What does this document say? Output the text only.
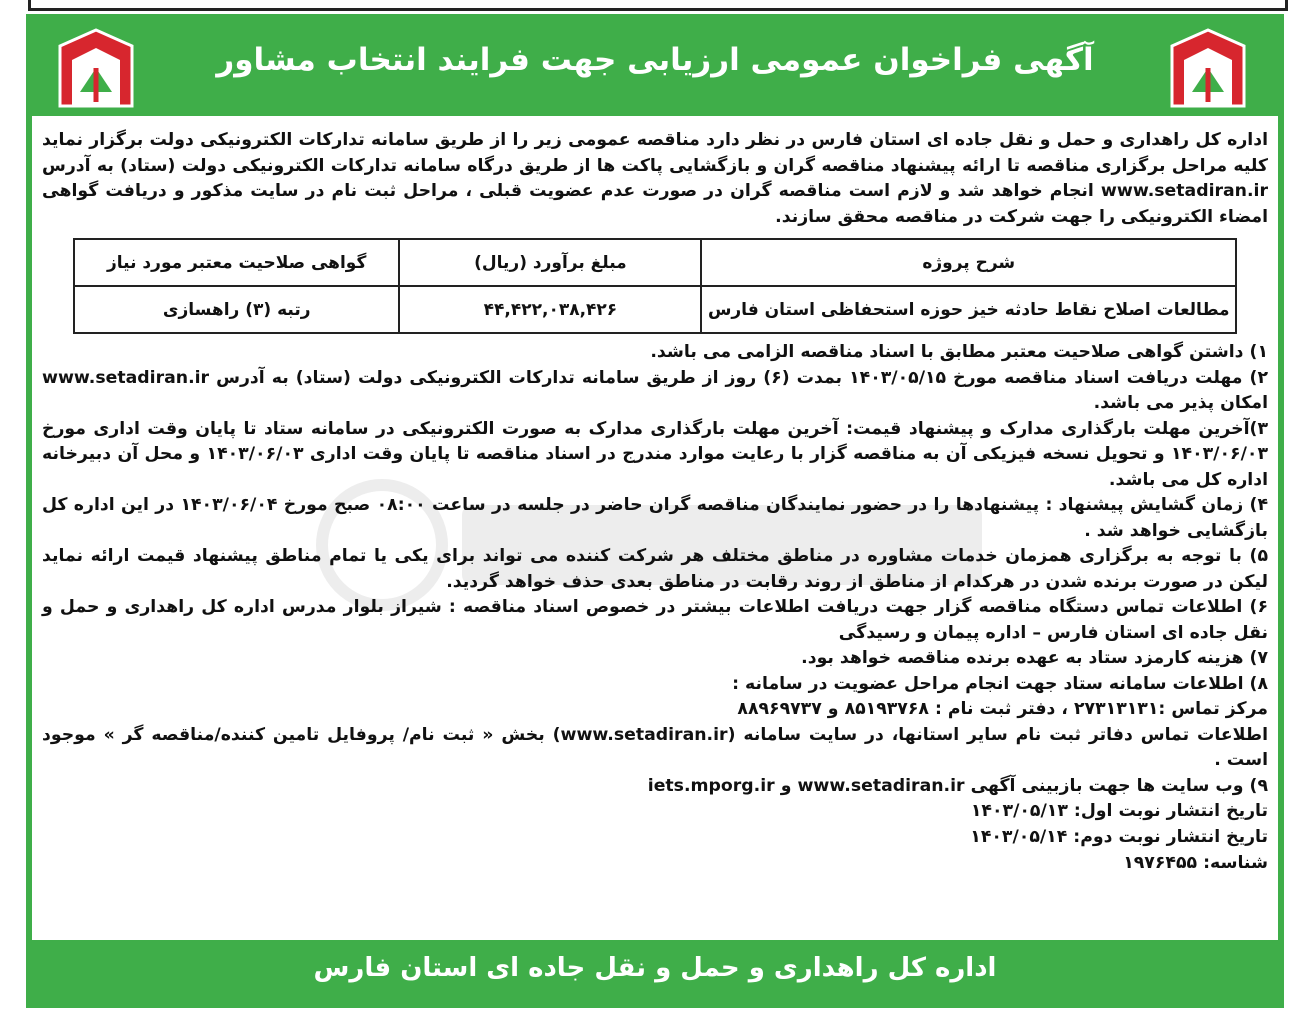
آگهی فراخوان عمومی ارزیابی جهت فرایند انتخاب مشاور

اداره کل راهداری و حمل و نقل جاده ای استان فارس در نظر دارد مناقصه عمومی زیر را از طریق سامانه تدارکات الکترونیکی دولت برگزار نماید کلیه مراحل برگزاری مناقصه تا ارائه پیشنهاد مناقصه گران و بازگشایی پاکت ها از طریق درگاه سامانه تدارکات الکترونیکی دولت (ستاد) به آدرس www.setadiran.ir انجام خواهد شد و لازم است مناقصه گران در صورت عدم عضویت قبلی ، مراحل ثبت نام در سایت مذکور و دریافت گواهی امضاء الکترونیکی را جهت شرکت در مناقصه محقق سازند.

شرح پروژه	مبلغ برآورد (ریال)	گواهی صلاحیت معتبر مورد نیاز
مطالعات اصلاح نقاط حادثه خیز حوزه استحفاظی استان فارس	۴۴,۴۲۲,۰۳۸,۴۲۶	رتبه (۳) راهسازی

۱) داشتن گواهی صلاحیت معتبر مطابق با اسناد مناقصه الزامی می باشد.

۲) مهلت دریافت اسناد مناقصه مورخ ۱۴۰۳/۰۵/۱۵ بمدت (۶) روز از طریق سامانه تدارکات الکترونیکی دولت (ستاد) به آدرس www.setadiran.ir امکان پذیر می باشد.

۳)آخرین مهلت بارگذاری مدارک و پیشنهاد قیمت: آخرین مهلت بارگذاری مدارک به صورت الکترونیکی در سامانه ستاد تا پایان وقت اداری مورخ ۱۴۰۳/۰۶/۰۳ و تحویل نسخه فیزیکی آن به مناقصه گزار با رعایت موارد مندرج در اسناد مناقصه تا پایان وقت اداری ۱۴۰۳/۰۶/۰۳ و محل آن دبیرخانه اداره کل می باشد.

۴) زمان گشایش پیشنهاد : پیشنهادها را در حضور نمایندگان مناقصه گران حاضر در جلسه در ساعت ۰۸:۰۰ صبح مورخ ۱۴۰۳/۰۶/۰۴ در این اداره کل بازگشایی خواهد شد .

۵) با توجه به برگزاری همزمان خدمات مشاوره در مناطق مختلف هر شرکت کننده می تواند برای یکی یا تمام مناطق پیشنهاد قیمت ارائه نماید لیکن در صورت برنده شدن در هرکدام از مناطق از روند رقابت در مناطق بعدی حذف خواهد گردید.

۶) اطلاعات تماس دستگاه مناقصه گزار جهت دریافت اطلاعات بیشتر در خصوص اسناد مناقصه : شیراز بلوار مدرس اداره کل راهداری و حمل و نقل جاده ای استان فارس – اداره پیمان و رسیدگی

۷) هزینه کارمزد ستاد به عهده برنده مناقصه خواهد بود.

۸) اطلاعات سامانه ستاد جهت انجام مراحل عضویت در سامانه :

مرکز تماس :۲۷۳۱۳۱۳۱ ، دفتر ثبت نام : ۸۵۱۹۳۷۶۸ و ۸۸۹۶۹۷۳۷

اطلاعات تماس دفاتر ثبت نام سایر استانها، در سایت سامانه (www.setadiran.ir) بخش « ثبت نام/ پروفایل تامین کننده/مناقصه گر » موجود است .

۹) وب سایت ها جهت بازبینی آگهی www.setadiran.ir و iets.mporg.ir

تاریخ انتشار نوبت اول: ۱۴۰۳/۰۵/۱۳

تاریخ انتشار نوبت دوم: ۱۴۰۳/۰۵/۱۴

شناسه: ۱۹۷۶۴۵۵

اداره کل راهداری و حمل و نقل جاده ای استان فارس
